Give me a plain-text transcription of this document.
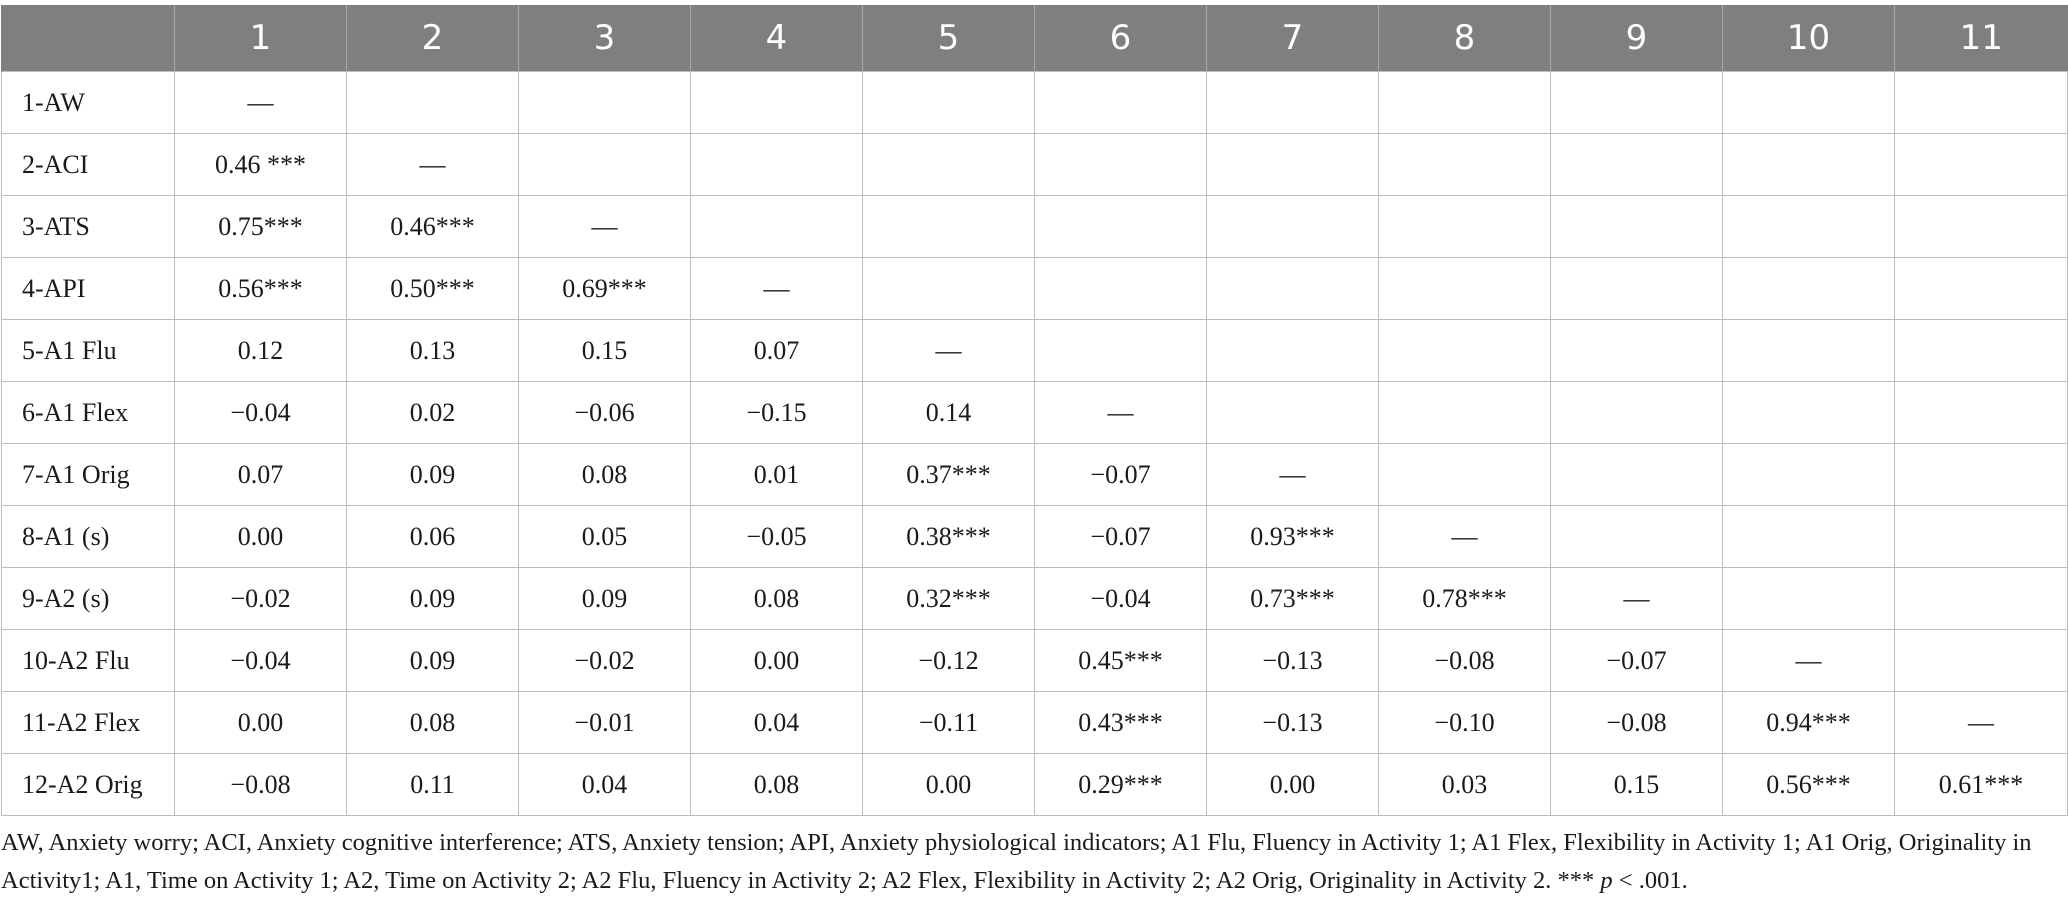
	1	2	3	4	5	6	7	8	9	10	11
1-AW	—										
2-ACI	0.46 ***	—									
3-ATS	0.75***	0.46***	—								
4-API	0.56***	0.50***	0.69***	—							
5-A1 Flu	0.12	0.13	0.15	0.07	—						
6-A1 Flex	−0.04	0.02	−0.06	−0.15	0.14	—					
7-A1 Orig	0.07	0.09	0.08	0.01	0.37***	−0.07	—				
8-A1 (s)	0.00	0.06	0.05	−0.05	0.38***	−0.07	0.93***	—			
9-A2 (s)	−0.02	0.09	0.09	0.08	0.32***	−0.04	0.73***	0.78***	—		
10-A2 Flu	−0.04	0.09	−0.02	0.00	−0.12	0.45***	−0.13	−0.08	−0.07	—	
11-A2 Flex	0.00	0.08	−0.01	0.04	−0.11	0.43***	−0.13	−0.10	−0.08	0.94***	—
12-A2 Orig	−0.08	0.11	0.04	0.08	0.00	0.29***	0.00	0.03	0.15	0.56***	0.61***
AW, Anxiety worry; ACI, Anxiety cognitive interference; ATS, Anxiety tension; API, Anxiety physiological indicators; A1 Flu, Fluency in Activity 1; A1 Flex, Flexibility in Activity 1; A1 Orig, Originality in Activity1; A1, Time on Activity 1; A2, Time on Activity 2; A2 Flu, Fluency in Activity 2; A2 Flex, Flexibility in Activity 2; A2 Orig, Originality in Activity 2. *** p < .001.
